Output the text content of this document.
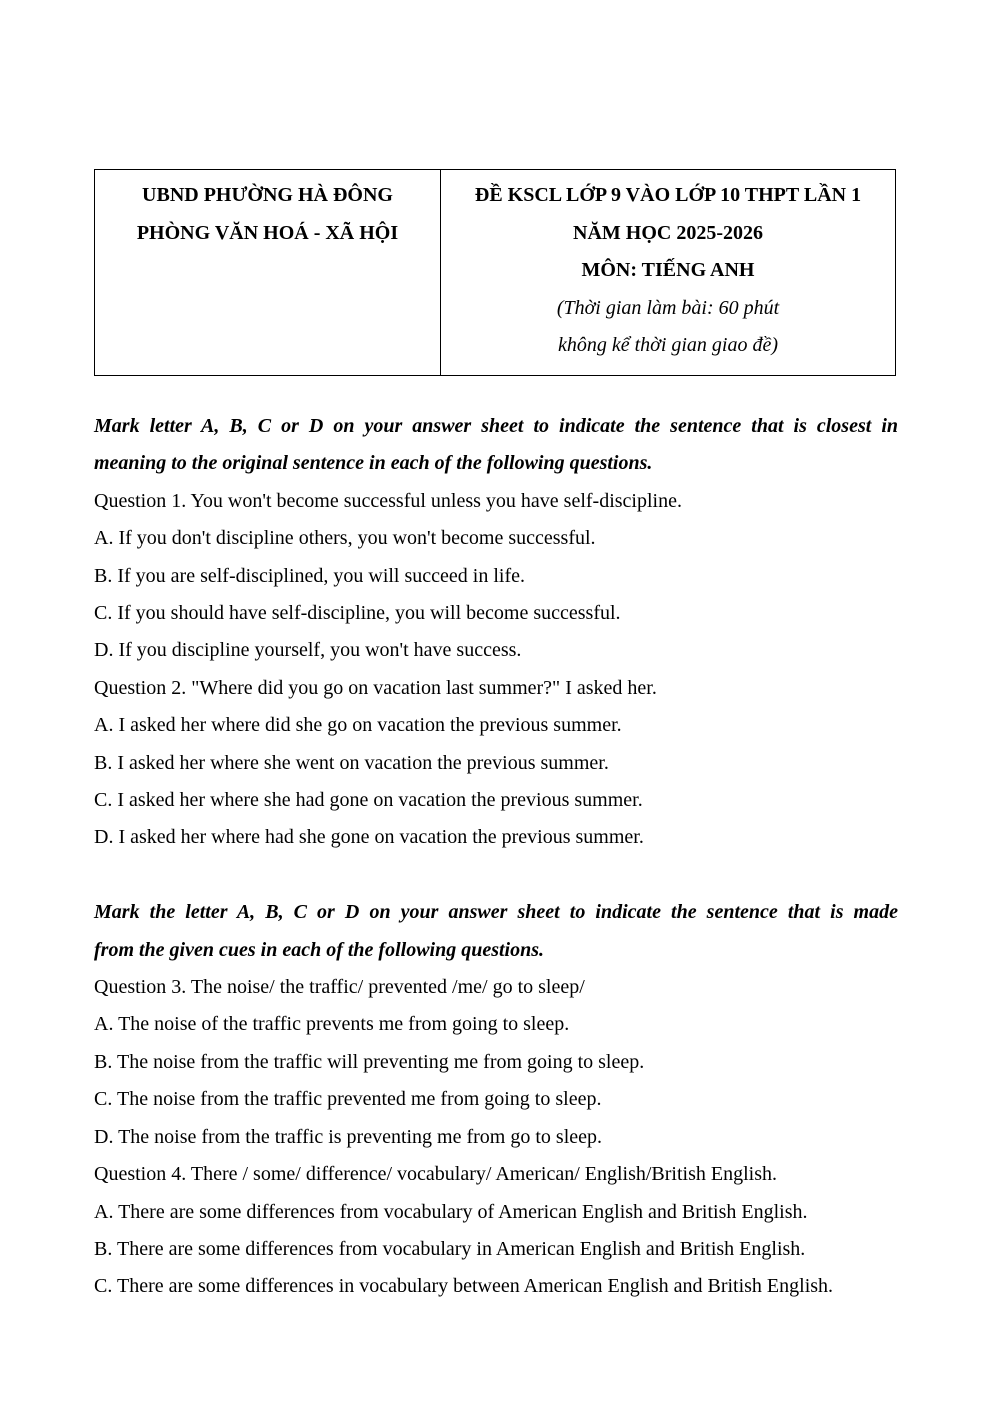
UBND PHƯỜNG HÀ ĐÔNG
PHÒNG VĂN HOÁ - XÃ HỘI
ĐỀ KSCL LỚP 9 VÀO LỚP 10 THPT LẦN 1
NĂM HỌC 2025-2026
MÔN: TIẾNG ANH
(Thời gian làm bài: 60 phút
không kể thời gian giao đề)
Mark letter A, B, C or D on your answer sheet to indicate the sentence that is closest in
meaning to the original sentence in each of the following questions.
Question 1. You won't become successful unless you have self-discipline.
A. If you don't discipline others, you won't become successful.
B. If you are self-disciplined, you will succeed in life.
C. If you should have self-discipline, you will become successful.
D. If you discipline yourself, you won't have success.
Question 2. "Where did you go on vacation last summer?" I asked her.
A. I asked her where did she go on vacation the previous summer.
B. I asked her where she went on vacation the previous summer.
C. I asked her where she had gone on vacation the previous summer.
D. I asked her where had she gone on vacation the previous summer.
Mark the letter A, B, C or D on your answer sheet to indicate the sentence that is made
from the given cues in each of the following questions.
Question 3. The noise/ the traffic/ prevented /me/ go to sleep/
A. The noise of the traffic prevents me from going to sleep.
B. The noise from the traffic will preventing me from going to sleep.
C. The noise from the traffic prevented me from going to sleep.
D. The noise from the traffic is preventing me from go to sleep.
Question 4. There / some/ difference/ vocabulary/ American/ English/British English.
A. There are some differences from vocabulary of American English and British English.
B. There are some differences from vocabulary in American English and British English.
C. There are some differences in vocabulary between American English and British English.
